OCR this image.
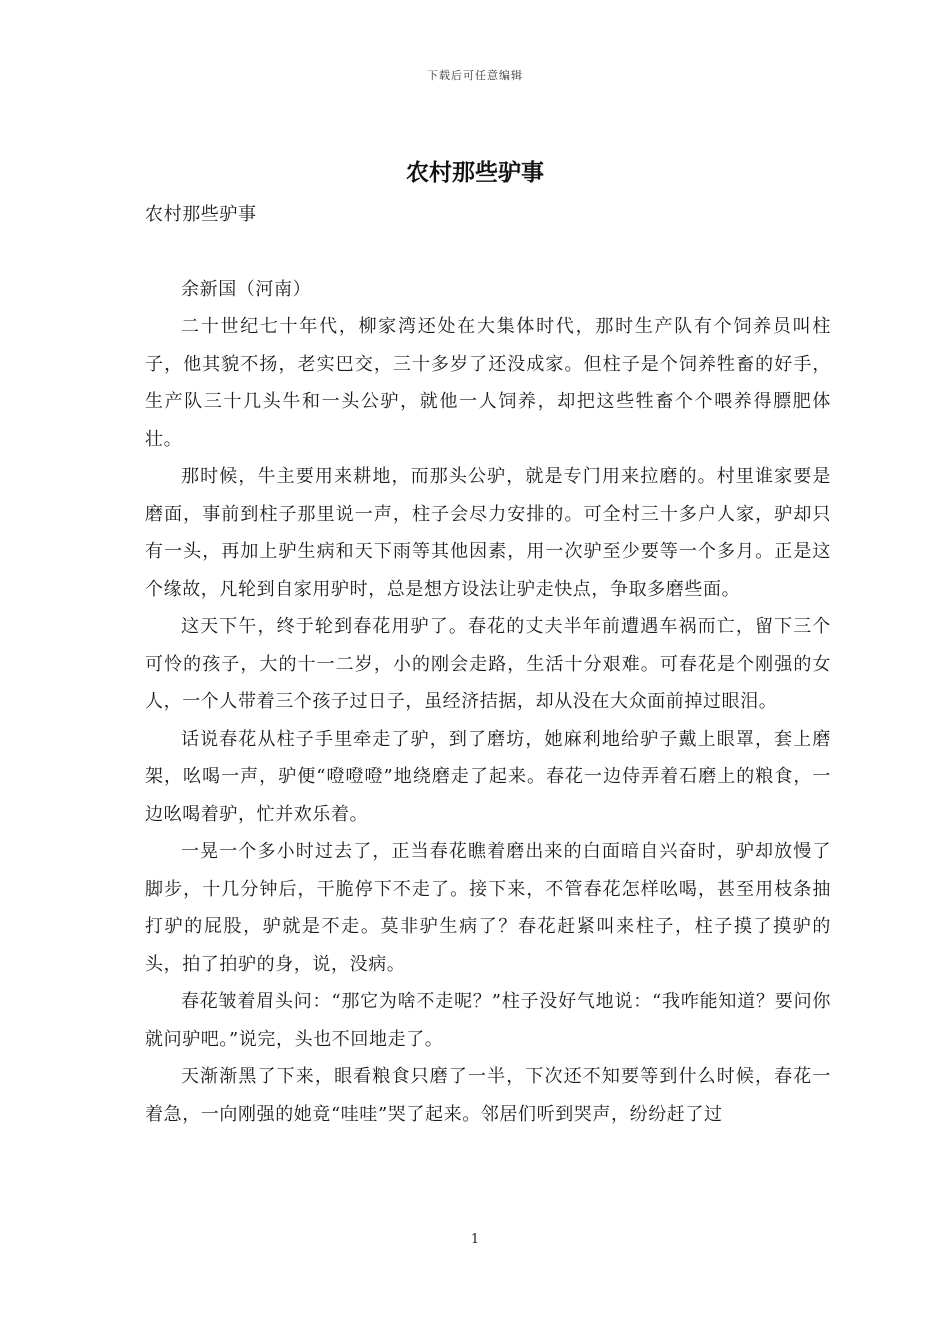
下载后可任意编辑
农村那些驴事

农村那些驴事

余新国（河南）

二十世纪七十年代，柳家湾还处在大集体时代，那时生产队有个饲养员叫柱子，他其貌不扬，老实巴交，三十多岁了还没成家。但柱子是个饲养牲畜的好手，生产队三十几头牛和一头公驴，就他一人饲养，却把这些牲畜个个喂养得膘肥体壮。

那时候，牛主要用来耕地，而那头公驴，就是专门用来拉磨的。村里谁家要是磨面，事前到柱子那里说一声，柱子会尽力安排的。可全村三十多户人家，驴却只有一头，再加上驴生病和天下雨等其他因素，用一次驴至少要等一个多月。正是这个缘故，凡轮到自家用驴时，总是想方设法让驴走快点，争取多磨些面。

这天下午，终于轮到春花用驴了。春花的丈夫半年前遭遇车祸而亡，留下三个可怜的孩子，大的十一二岁，小的刚会走路，生活十分艰难。可春花是个刚强的女人，一个人带着三个孩子过日子，虽经济拮据，却从没在大众面前掉过眼泪。

话说春花从柱子手里牵走了驴，到了磨坊，她麻利地给驴子戴上眼罩，套上磨架，吆喝一声，驴便“噔噔噔”地绕磨走了起来。春花一边侍弄着石磨上的粮食，一边吆喝着驴，忙并欢乐着。

一晃一个多小时过去了，正当春花瞧着磨出来的白面暗自兴奋时，驴却放慢了脚步，十几分钟后，干脆停下不走了。接下来，不管春花怎样吆喝，甚至用枝条抽打驴的屁股，驴就是不走。莫非驴生病了？春花赶紧叫来柱子，柱子摸了摸驴的头，拍了拍驴的身，说，没病。

春花皱着眉头问：“那它为啥不走呢？”柱子没好气地说：“我咋能知道？要问你就问驴吧。”说完，头也不回地走了。

天渐渐黑了下来，眼看粮食只磨了一半，下次还不知要等到什么时候，春花一着急，一向刚强的她竟“哇哇”哭了起来。邻居们听到哭声，纷纷赶了过

1
